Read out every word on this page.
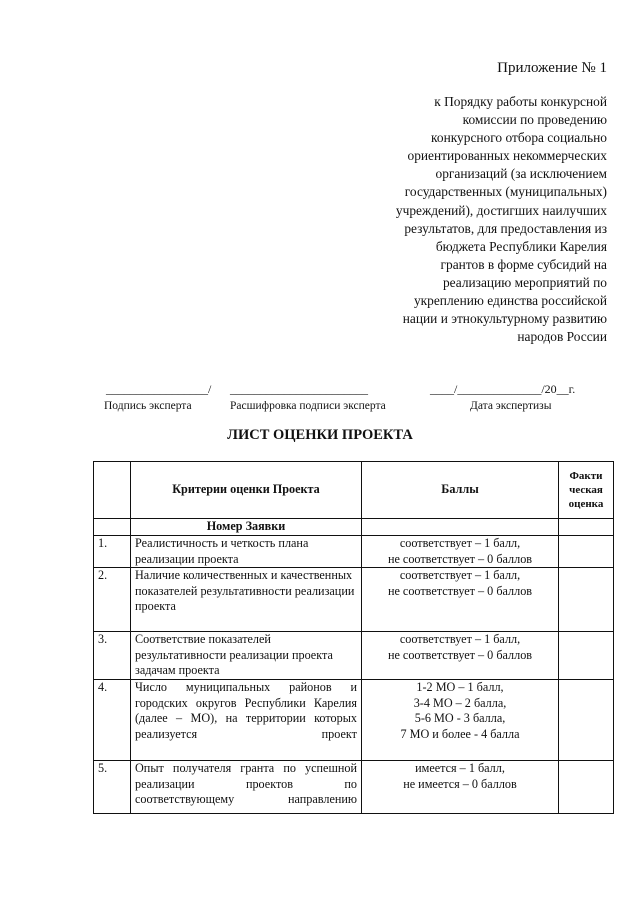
Приложение № 1
к Порядку работы конкурсной
комиссии по проведению
конкурсного отбора социально
ориентированных некоммерческих
организаций (за исключением
государственных (муниципальных)
учреждений), достигших наилучших
результатов, для предоставления из
бюджета Республики Карелия
грантов в форме субсидий на
реализацию мероприятий по
укреплению единства российской
нации и этнокультурному развитию
народов России
_________________/ _______________________	____/______________/20__г.
Подпись эксперта	Расшифровка подписи эксперта	Дата экспертизы
ЛИСТ ОЦЕНКИ ПРОЕКТА
	Критерии оценки Проекта	Баллы	Факти
ческая
оценка

	Номер Заявки		
1.	Реалистичность и четкость плана реализации проекта	соответствует – 1 балл,
не соответствует – 0 баллов	

2.	Наличие количественных и качественных показателей результативности реализации проекта	соответствует – 1 балл,
не соответствует – 0 баллов	

3.	Соответствие показателей результативности реализации проекта задачам проекта	соответствует – 1 балл,
не соответствует – 0 баллов	

4.	Число муниципальных районов и городских округов Республики Карелия (далее – МО), на территории которых реализуется проект	1-2 МО – 1 балл,
3-4 МО – 2 балла,
5-6 МО - 3 балла,
7 МО и более - 4 балла	

5.	Опыт получателя гранта по успешной реализации проектов по соответствующему направлению	имеется – 1 балл,
не имеется – 0 баллов	
